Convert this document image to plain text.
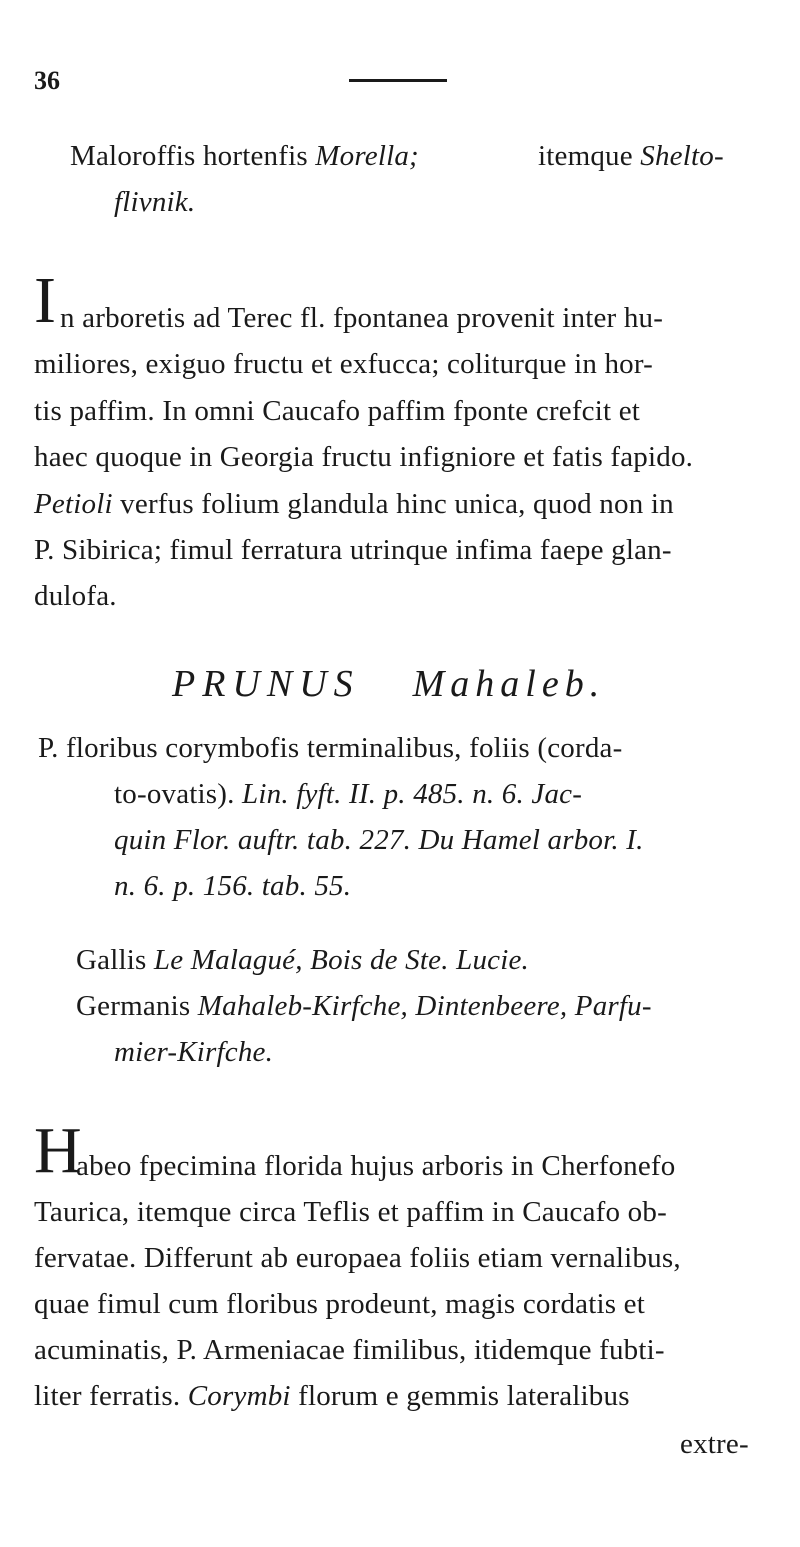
36
Maloroffis hortenfis Morella;	itemque Shelto-
flivnik.
I n arboretis ad Terec fl. fpontanea provenit inter hu-
miliores, exiguo fructu et exfucca; coliturque in hor-
tis paffim. In omni Caucafo paffim fponte crefcit et
haec quoque in Georgia fructu infigniore et fatis fapido.
Petioli verfus folium glandula hinc unica, quod non in
P. Sibirica; fimul ferratura utrinque infima faepe glan-
dulofa.
PRUNUS Mahaleb.
P. floribus corymbofis terminalibus, foliis (corda-
to-ovatis). Lin. fyft. II. p. 485. n. 6. Jac-
quin Flor. auftr. tab. 227. Du Hamel arbor. I.
n. 6. p. 156. tab. 55.
Gallis Le Malagué, Bois de Ste. Lucie.
Germanis Mahaleb-Kirfche, Dintenbeere, Parfu-
mier-Kirfche.
H
abeo fpecimina florida hujus arboris in Cherfonefo
Taurica, itemque circa Teflis et paffim in Caucafo ob-
fervatae. Differunt ab europaea foliis etiam vernalibus,
quae fimul cum floribus prodeunt, magis cordatis et
acuminatis, P. Armeniacae fimilibus, itidemque fubti-
liter ferratis. Corymbi florum e gemmis lateralibus
extre-
